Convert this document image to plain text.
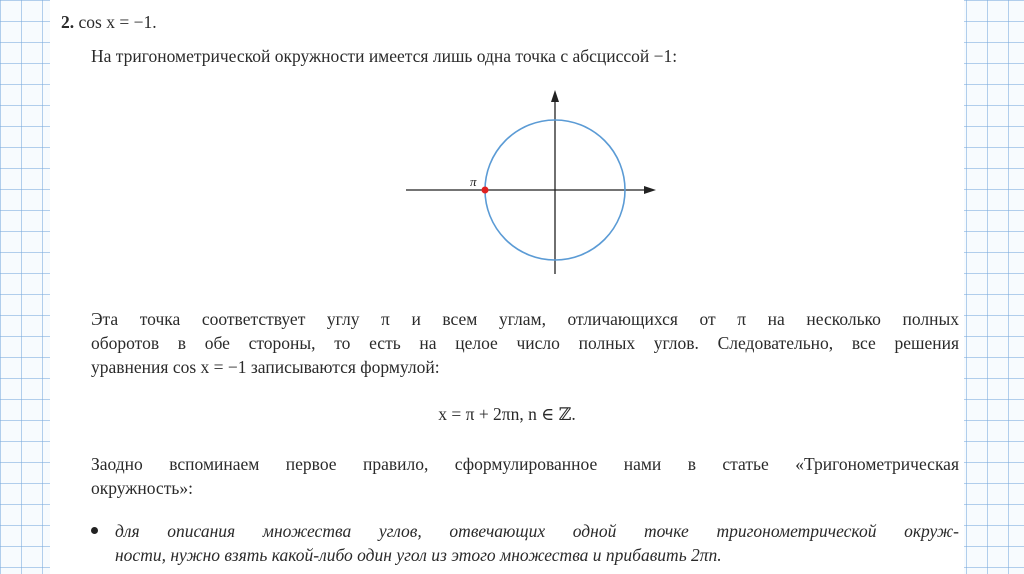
2. cos x = −1.
На тригонометрической окружности имеется лишь одна точка с абсциссой −1:
π
Эта точка соответствует углу π и всем углам, отличающихся от π на несколько полных
оборотов в обе стороны, то есть на целое число полных углов. Следовательно, все решения
уравнения cos x = −1 записываются формулой:
x = π + 2πn, n ∈ ℤ.
Заодно вспоминаем первое правило, сформулированное нами в статье «Тригонометрическая
окружность»:
для описания множества углов, отвечающих одной точке тригонометрической окруж-
ности, нужно взять какой-либо один угол из этого множества и прибавить 2πn.
